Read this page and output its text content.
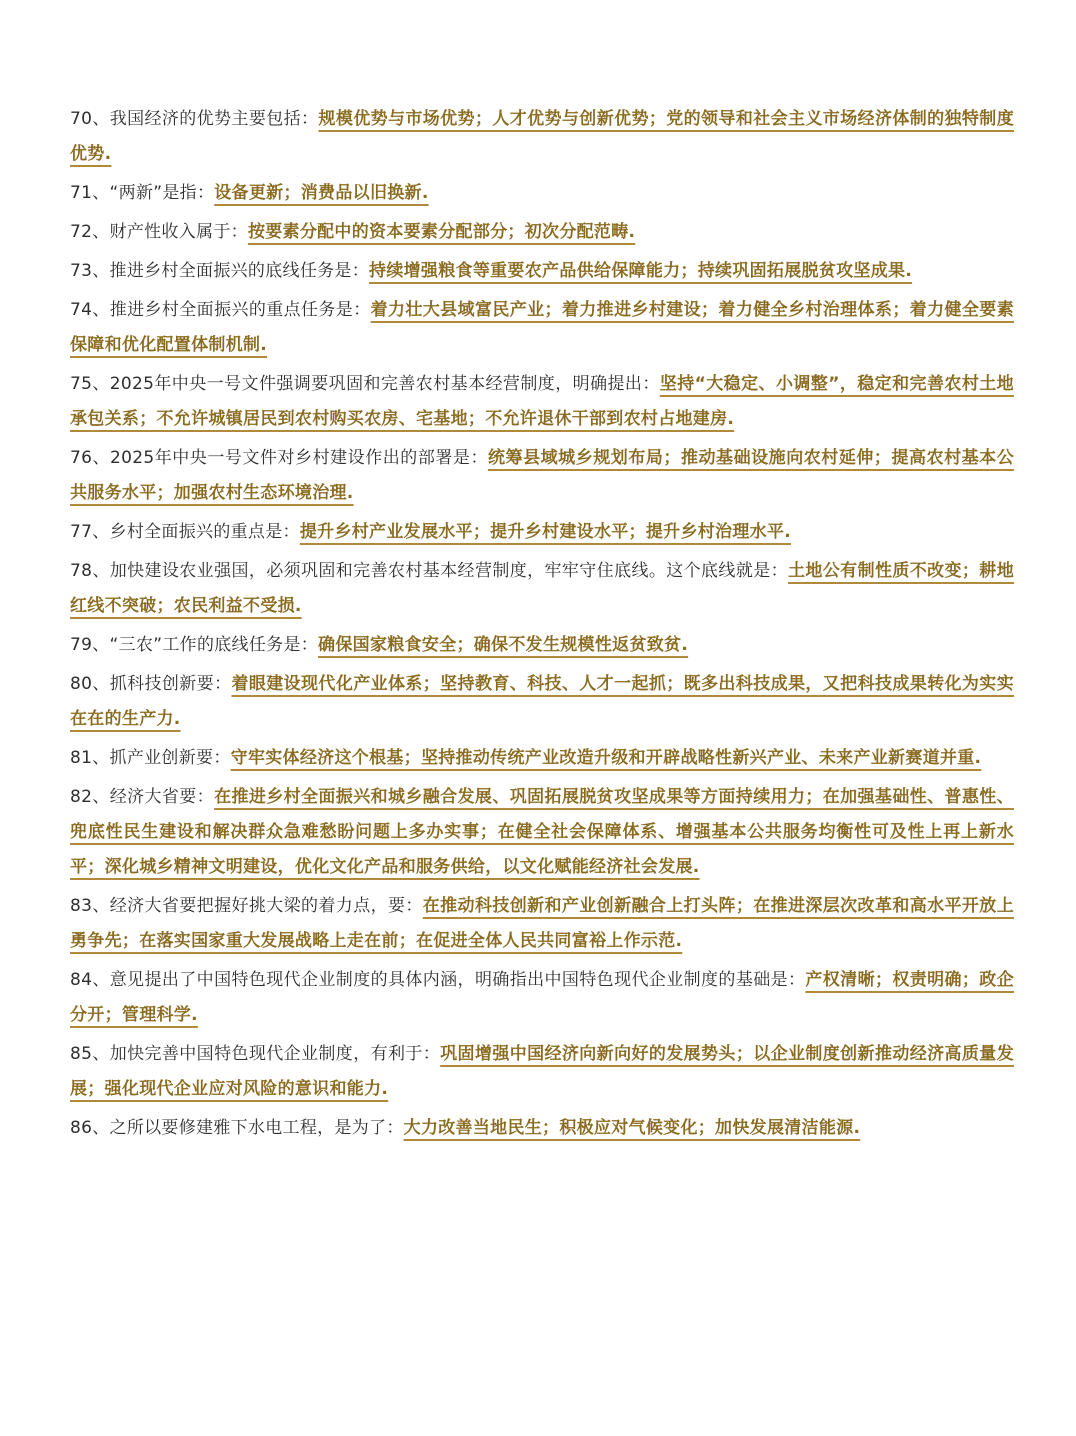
70、我国经济的优势主要包括：规模优势与市场优势；人才优势与创新优势；党的领导和社会主义市场经济体制的独特制度优势.

71、“两新”是指：设备更新；消费品以旧换新.

72、财产性收入属于：按要素分配中的资本要素分配部分；初次分配范畴.

73、推进乡村全面振兴的底线任务是：持续增强粮食等重要农产品供给保障能力；持续巩固拓展脱贫攻坚成果.

74、推进乡村全面振兴的重点任务是：着力壮大县域富民产业；着力推进乡村建设；着力健全乡村治理体系；着力健全要素保障和优化配置体制机制.

75、2025年中央一号文件强调要巩固和完善农村基本经营制度，明确提出：坚持“大稳定、小调整”，稳定和完善农村土地承包关系；不允许城镇居民到农村购买农房、宅基地；不允许退休干部到农村占地建房.

76、2025年中央一号文件对乡村建设作出的部署是：统筹县域城乡规划布局；推动基础设施向农村延伸；提高农村基本公共服务水平；加强农村生态环境治理.

77、乡村全面振兴的重点是：提升乡村产业发展水平；提升乡村建设水平；提升乡村治理水平.

78、加快建设农业强国，必须巩固和完善农村基本经营制度，牢牢守住底线。这个底线就是：土地公有制性质不改变；耕地红线不突破；农民利益不受损.

79、“三农”工作的底线任务是：确保国家粮食安全；确保不发生规模性返贫致贫.

80、抓科技创新要：着眼建设现代化产业体系；坚持教育、科技、人才一起抓；既多出科技成果，又把科技成果转化为实实在在的生产力.

81、抓产业创新要：守牢实体经济这个根基；坚持推动传统产业改造升级和开辟战略性新兴产业、未来产业新赛道并重.

82、经济大省要：在推进乡村全面振兴和城乡融合发展、巩固拓展脱贫攻坚成果等方面持续用力；在加强基础性、普惠性、兜底性民生建设和解决群众急难愁盼问题上多办实事；在健全社会保障体系、增强基本公共服务均衡性可及性上再上新水平；深化城乡精神文明建设，优化文化产品和服务供给，以文化赋能经济社会发展.

83、经济大省要把握好挑大梁的着力点，要：在推动科技创新和产业创新融合上打头阵；在推进深层次改革和高水平开放上勇争先；在落实国家重大发展战略上走在前；在促进全体人民共同富裕上作示范.

84、意见提出了中国特色现代企业制度的具体内涵，明确指出中国特色现代企业制度的基础是：产权清晰；权责明确；政企分开；管理科学.

85、加快完善中国特色现代企业制度，有利于：巩固增强中国经济向新向好的发展势头；以企业制度创新推动经济高质量发展；强化现代企业应对风险的意识和能力.

86、之所以要修建雅下水电工程，是为了：大力改善当地民生；积极应对气候变化；加快发展清洁能源.
